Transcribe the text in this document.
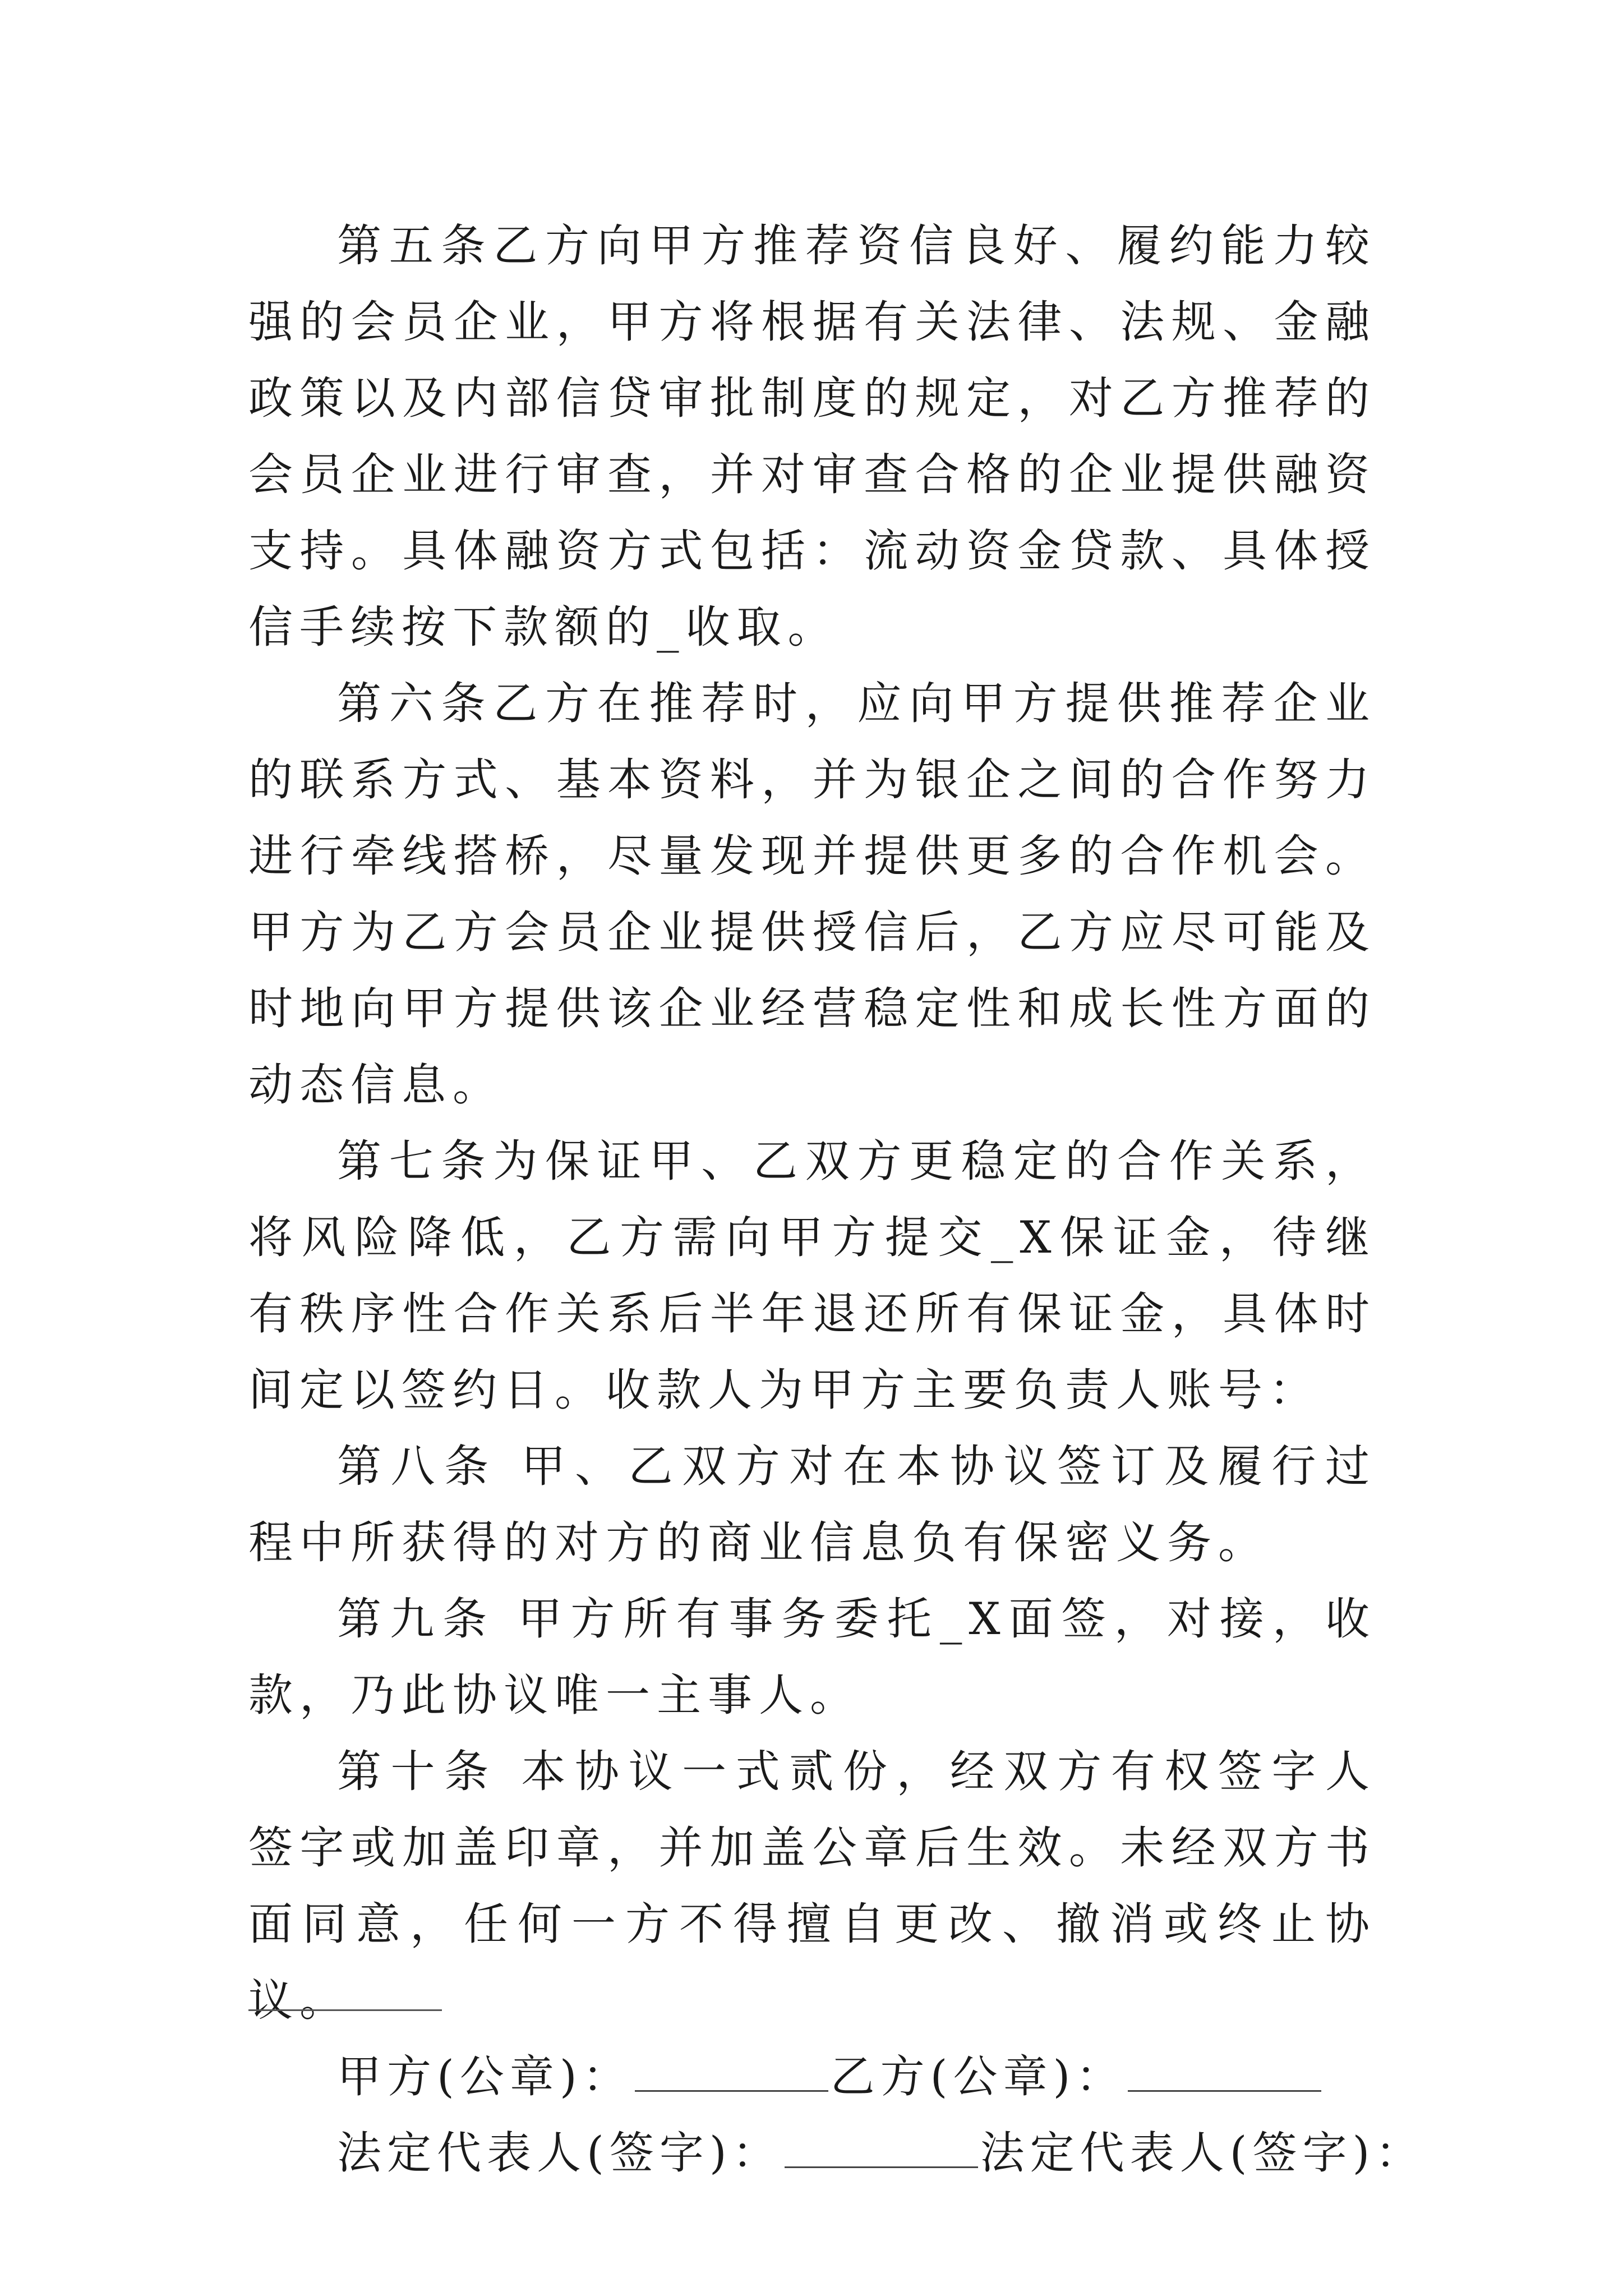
第五条乙方向甲方推荐资信良好、履约能力较强的会员企业，甲方将根据有关法律、法规、金融政策以及内部信贷审批制度的规定，对乙方推荐的会员企业进行审查，并对审查合格的企业提供融资支持。具体融资方式包括：流动资金贷款、具体授信手续按下款额的_收取。

第六条乙方在推荐时，应向甲方提供推荐企业的联系方式、基本资料，并为银企之间的合作努力进行牵线搭桥，尽量发现并提供更多的合作机会。甲方为乙方会员企业提供授信后，乙方应尽可能及时地向甲方提供该企业经营稳定性和成长性方面的动态信息。

第七条为保证甲、乙双方更稳定的合作关系，将风险降低，乙方需向甲方提交_X保证金，待继有秩序性合作关系后半年退还所有保证金，具体时间定以签约日。收款人为甲方主要负责人账号：

第八条 甲、乙双方对在本协议签订及履行过程中所获得的对方的商业信息负有保密义务。

第九条 甲方所有事务委托_X面签，对接，收款，乃此协议唯一主事人。

第十条 本协议一式贰份，经双方有权签字人签字或加盖印章，并加盖公章后生效。未经双方书面同意，任何一方不得擅自更改、撤消或终止协议。

甲方(公章)：	乙方(公章)：

法定代表人(签字)：	法定代表人(签字)：
